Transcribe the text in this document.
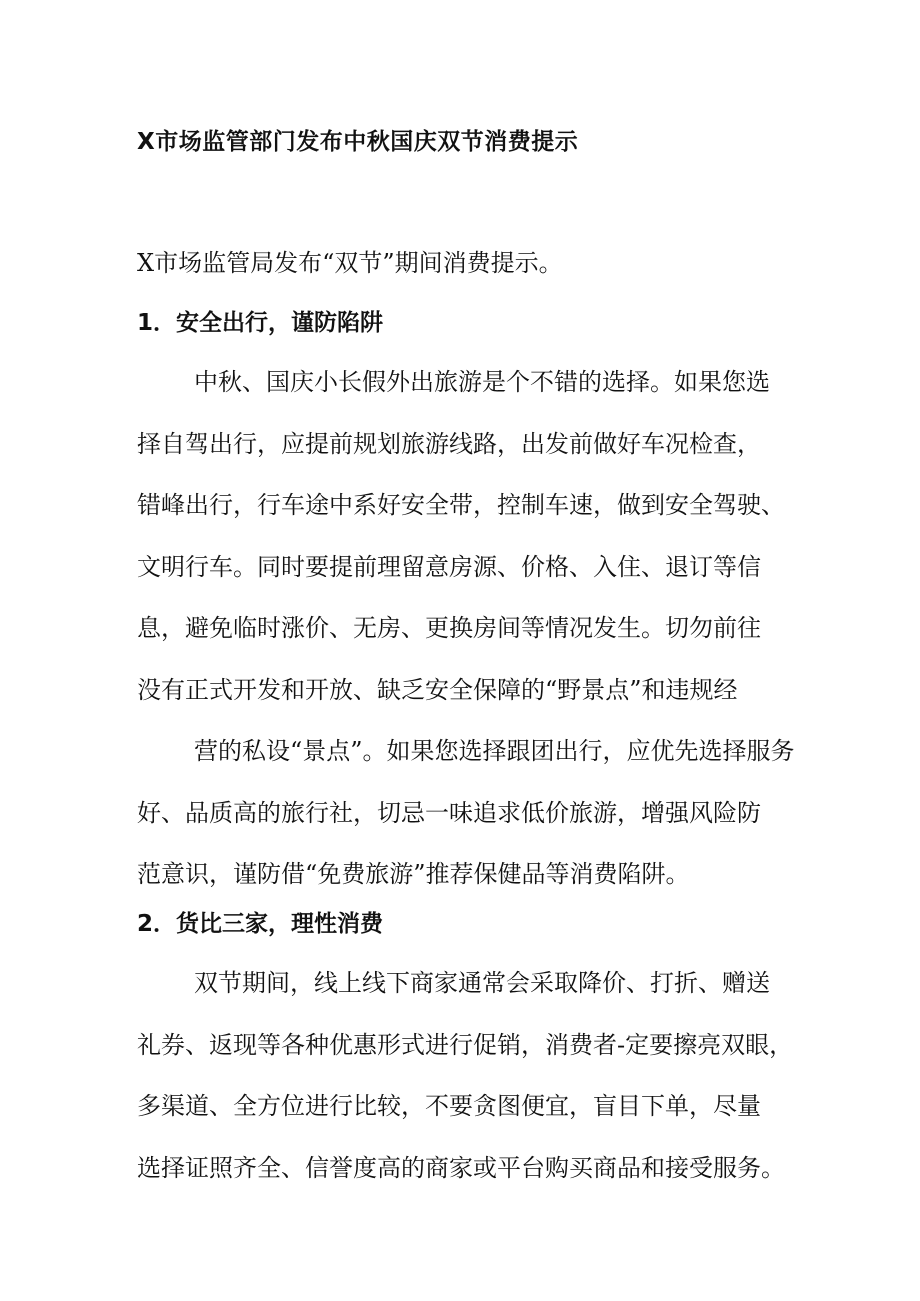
X市场监管部门发布中秋国庆双节消费提示
X市场监管局发布“双节”期间消费提示。
1．安全出行，谨防陷阱
中秋、国庆小长假外出旅游是个不错的选择。如果您选
择自驾出行，应提前规划旅游线路，出发前做好车况检查，
错峰出行，行车途中系好安全带，控制车速，做到安全驾驶、
文明行车。同时要提前理留意房源、价格、入住、退订等信
息，避免临时涨价、无房、更换房间等情况发生。切勿前往
没有正式开发和开放、缺乏安全保障的“野景点”和违规经
营的私设“景点”。如果您选择跟团出行，应优先选择服务
好、品质高的旅行社，切忌一味追求低价旅游，增强风险防
范意识，谨防借“免费旅游”推荐保健品等消费陷阱。
2．货比三家，理性消费
双节期间，线上线下商家通常会采取降价、打折、赠送
礼券、返现等各种优惠形式进行促销，消费者-定要擦亮双眼，
多渠道、全方位进行比较，不要贪图便宜，盲目下单，尽量
选择证照齐全、信誉度高的商家或平台购买商品和接受服务。
